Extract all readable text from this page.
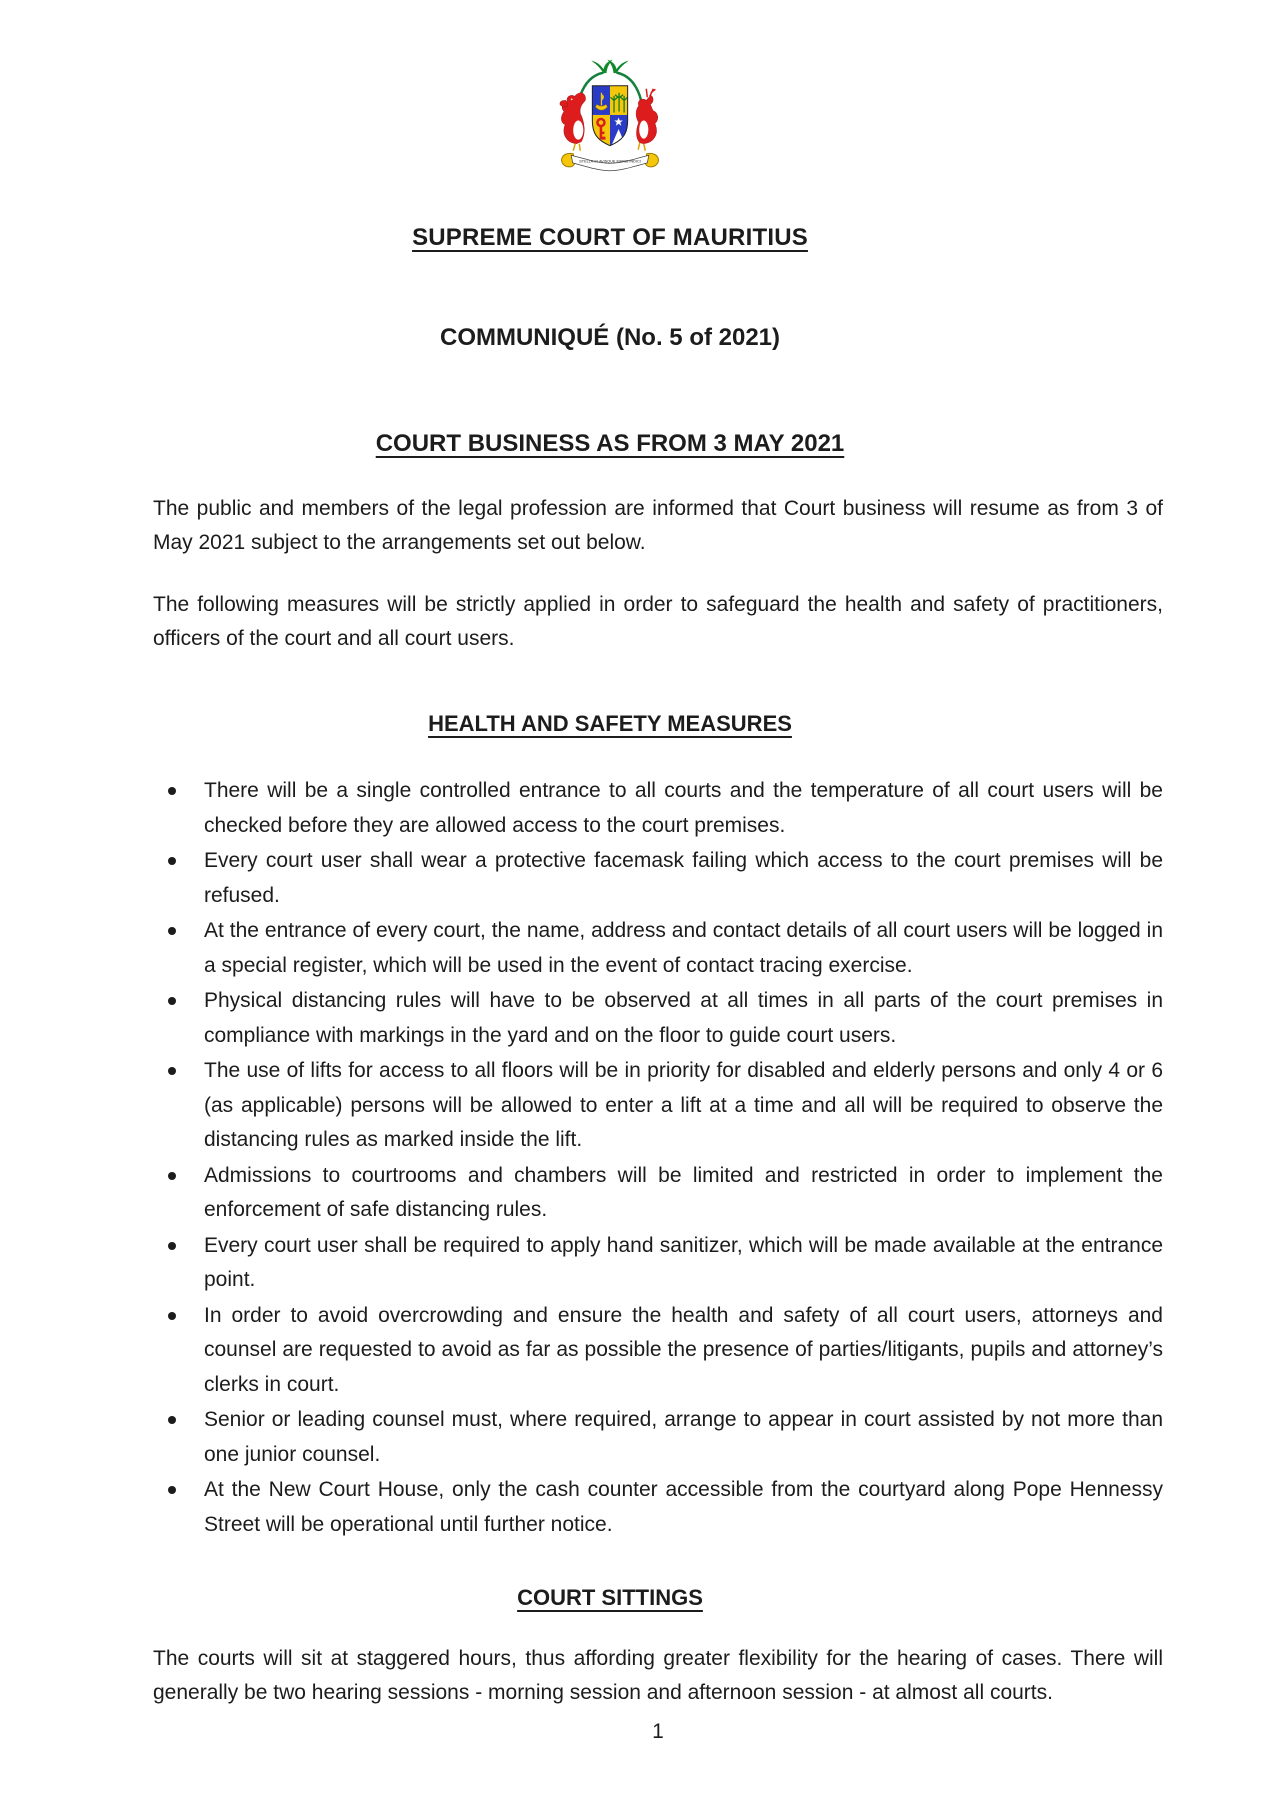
STELLA CLAVISQUE MARIS INDICI
SUPREME COURT OF MAURITIUS
COMMUNIQUÉ (No. 5 of 2021)
COURT BUSINESS AS FROM 3 MAY 2021

The public and members of the legal profession are informed that Court business will resume as from 3 of May 2021 subject to the arrangements set out below.

The following measures will be strictly applied in order to safeguard the health and safety of practitioners, officers of the court and all court users.

HEALTH AND SAFETY MEASURES
There will be a single controlled entrance to all courts and the temperature of all court users will be checked before they are allowed access to the court premises.
Every court user shall wear a protective facemask failing which access to the court premises will be refused.
At the entrance of every court, the name, address and contact details of all court users will be logged in a special register, which will be used in the event of contact tracing exercise.
Physical distancing rules will have to be observed at all times in all parts of the court premises in compliance with markings in the yard and on the floor to guide court users.
The use of lifts for access to all floors will be in priority for disabled and elderly persons and only 4 or 6 (as applicable) persons will be allowed to enter a lift at a time and all will be required to observe the distancing rules as marked inside the lift.
Admissions to courtrooms and chambers will be limited and restricted in order to implement the enforcement of safe distancing rules.
Every court user shall be required to apply hand sanitizer, which will be made available at the entrance point.
In order to avoid overcrowding and ensure the health and safety of all court users, attorneys and counsel are requested to avoid as far as possible the presence of parties/litigants, pupils and attorney’s clerks in court.
Senior or leading counsel must, where required, arrange to appear in court assisted by not more than one junior counsel.
At the New Court House, only the cash counter accessible from the courtyard along Pope Hennessy Street will be operational until further notice.
COURT SITTINGS

The courts will sit at staggered hours, thus affording greater flexibility for the hearing of cases. There will generally be two hearing sessions - morning session and afternoon session - at almost all courts.

1
